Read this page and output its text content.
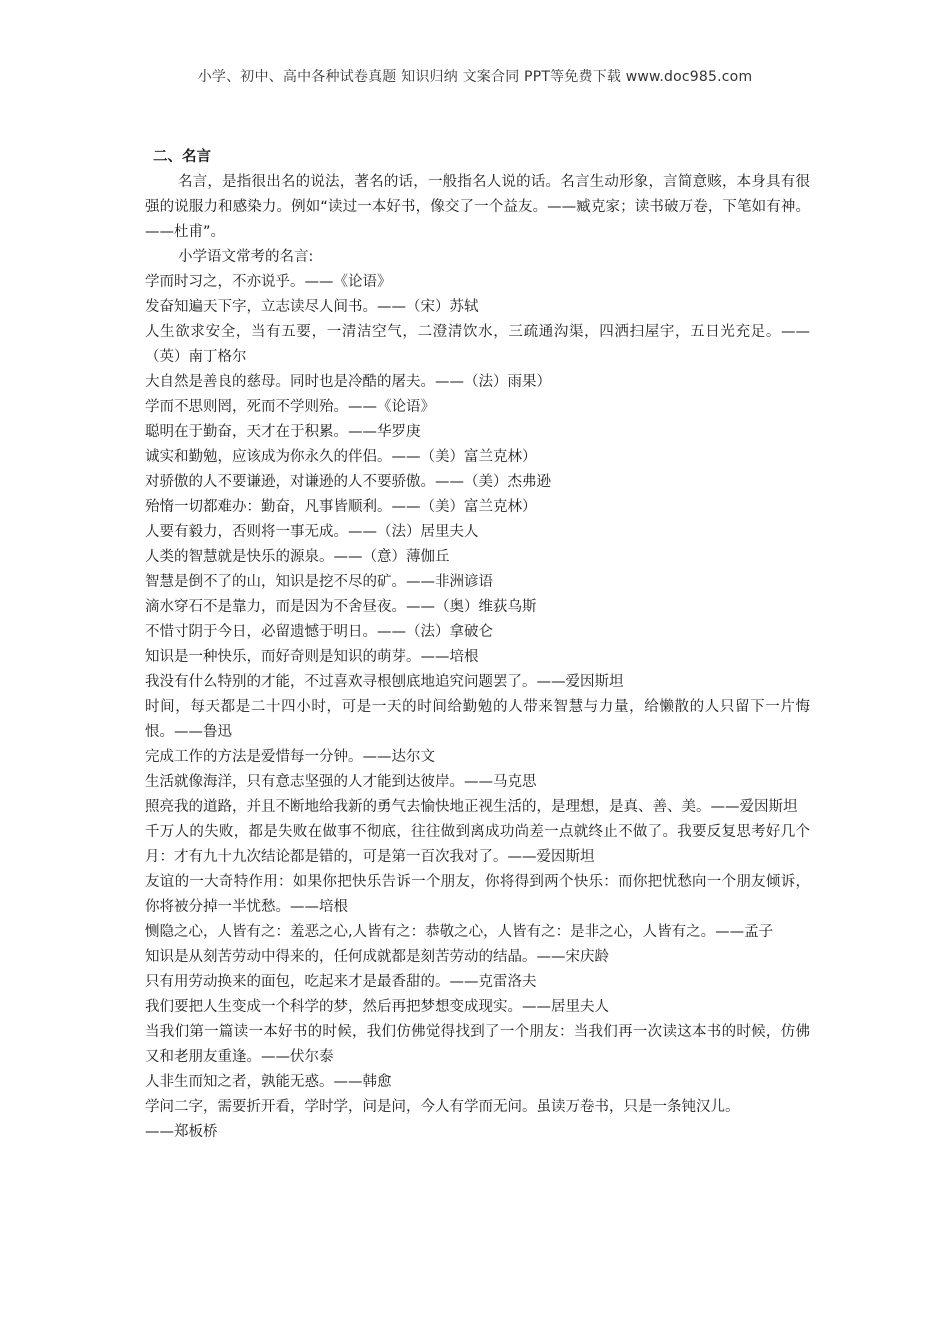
小学、初中、高中各种试卷真题 知识归纳 文案合同 PPT等免费下载 www.doc985.com
二、名言
名言，是指很出名的说法，著名的话，一般指名人说的话。名言生动形象，言简意赅，本身具有很强的说服力和感染力。例如“读过一本好书，像交了一个益友。——臧克家；读书破万卷，下笔如有神。——杜甫”。
小学语文常考的名言:
学而时习之，不亦说乎。——《论语》
发奋知遍天下字，立志读尽人间书。——（宋）苏轼
人生欲求安全，当有五要，一清洁空气，二澄清饮水，三疏通沟渠，四洒扫屋宇，五日光充足。——（英）南丁格尔
大自然是善良的慈母。同时也是冷酷的屠夫。——（法）雨果）
学而不思则罔，死而不学则殆。——《论语》
聪明在于勤奋，天才在于积累。——华罗庚
诚实和勤勉，应该成为你永久的伴侣。——（美）富兰克林）
对骄傲的人不要谦逊，对谦逊的人不要骄傲。——（美）杰弗逊
殆惰一切都难办：勤奋，凡事皆顺利。——（美）富兰克林）
人要有毅力，否则将一事无成。——（法）居里夫人
人类的智慧就是快乐的源泉。——（意）薄伽丘
智慧是倒不了的山，知识是挖不尽的矿。——非洲谚语
滴水穿石不是靠力，而是因为不舍昼夜。——（奥）维荻乌斯
不惜寸阴于今日，必留遗憾于明日。——（法）拿破仑
知识是一种快乐，而好奇则是知识的萌芽。——培根
我没有什么特别的才能，不过喜欢寻根刨底地追究问题罢了。——爱因斯坦
时间，每天都是二十四小时，可是一天的时间给勤勉的人带来智慧与力量，给懒散的人只留下一片悔恨。——鲁迅
完成工作的方法是爱惜每一分钟。——达尔文
生活就像海洋，只有意志坚强的人才能到达彼岸。——马克思
照亮我的道路，并且不断地给我新的勇气去愉快地正视生活的，是理想，是真、善、美。——爱因斯坦
千万人的失败，都是失败在做事不彻底，往往做到离成功尚差一点就终止不做了。我要反复思考好几个月：才有九十九次结论都是错的，可是第一百次我对了。——爱因斯坦
友谊的一大奇特作用：如果你把快乐告诉一个朋友，你将得到两个快乐：而你把忧愁向一个朋友倾诉，你将被分掉一半忧愁。——培根
恻隐之心，人皆有之：羞恶之心,人皆有之：恭敬之心，人皆有之：是非之心，人皆有之。——孟子
知识是从刻苦劳动中得来的，任何成就都是刻苦劳动的结晶。——宋庆龄
只有用劳动换来的面包，吃起来才是最香甜的。——克雷洛夫
我们要把人生变成一个科学的梦，然后再把梦想变成现实。——居里夫人
当我们第一篇读一本好书的时候，我们仿佛觉得找到了一个朋友：当我们再一次读这本书的时候，仿佛又和老朋友重逢。——伏尔泰
人非生而知之者，孰能无惑。——韩愈
学问二字，需要折开看，学时学，问是问，今人有学而无问。虽读万卷书，只是一条钝汉儿。
——郑板桥
